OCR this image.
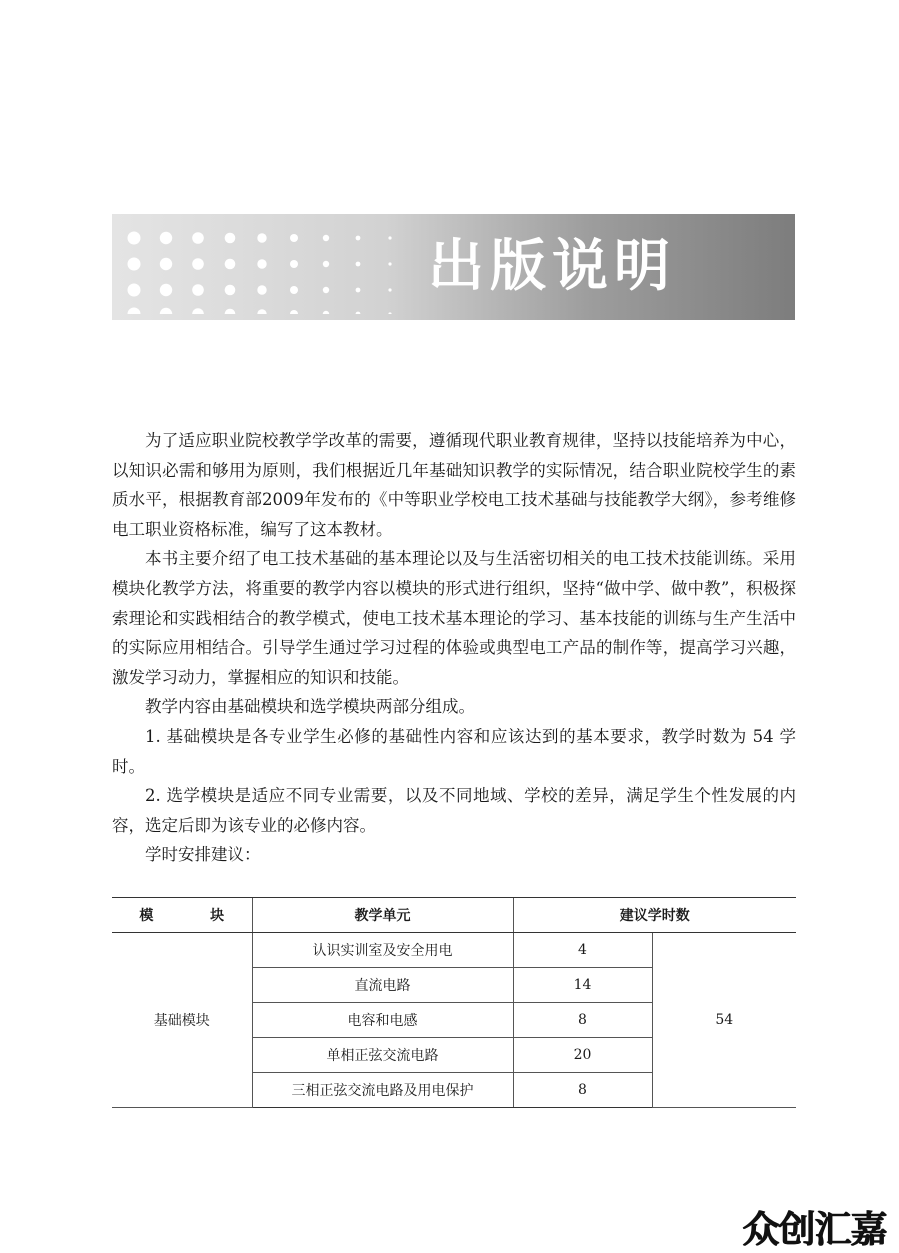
出版说明

为了适应职业院校教学学改革的需要，遵循现代职业教育规律，坚持以技能培养为中心，以知识必需和够用为原则，我们根据近几年基础知识教学的实际情况，结合职业院校学生的素质水平，根据教育部2009年发布的《中等职业学校电工技术基础与技能教学大纲》，参考维修电工职业资格标准，编写了这本教材。

本书主要介绍了电工技术基础的基本理论以及与生活密切相关的电工技术技能训练。采用模块化教学方法，将重要的教学内容以模块的形式进行组织，坚持“做中学、做中教”，积极探索理论和实践相结合的教学模式，使电工技术基本理论的学习、基本技能的训练与生产生活中的实际应用相结合。引导学生通过学习过程的体验或典型电工产品的制作等，提高学习兴趣，激发学习动力，掌握相应的知识和技能。

教学内容由基础模块和选学模块两部分组成。

1. 基础模块是各专业学生必修的基础性内容和应该达到的基本要求，教学时数为 54 学时。

2. 选学模块是适应不同专业需要，以及不同地域、学校的差异，满足学生个性发展的内容，选定后即为该专业的必修内容。

学时安排建议：

模 块	教学单元	建议学时数	
基础模块	认识实训室及安全用电	4	54
	直流电路	14	
	电容和电感	8	
	单相正弦交流电路	20	
	三相正弦交流电路及用电保护	8	
众创汇嘉
